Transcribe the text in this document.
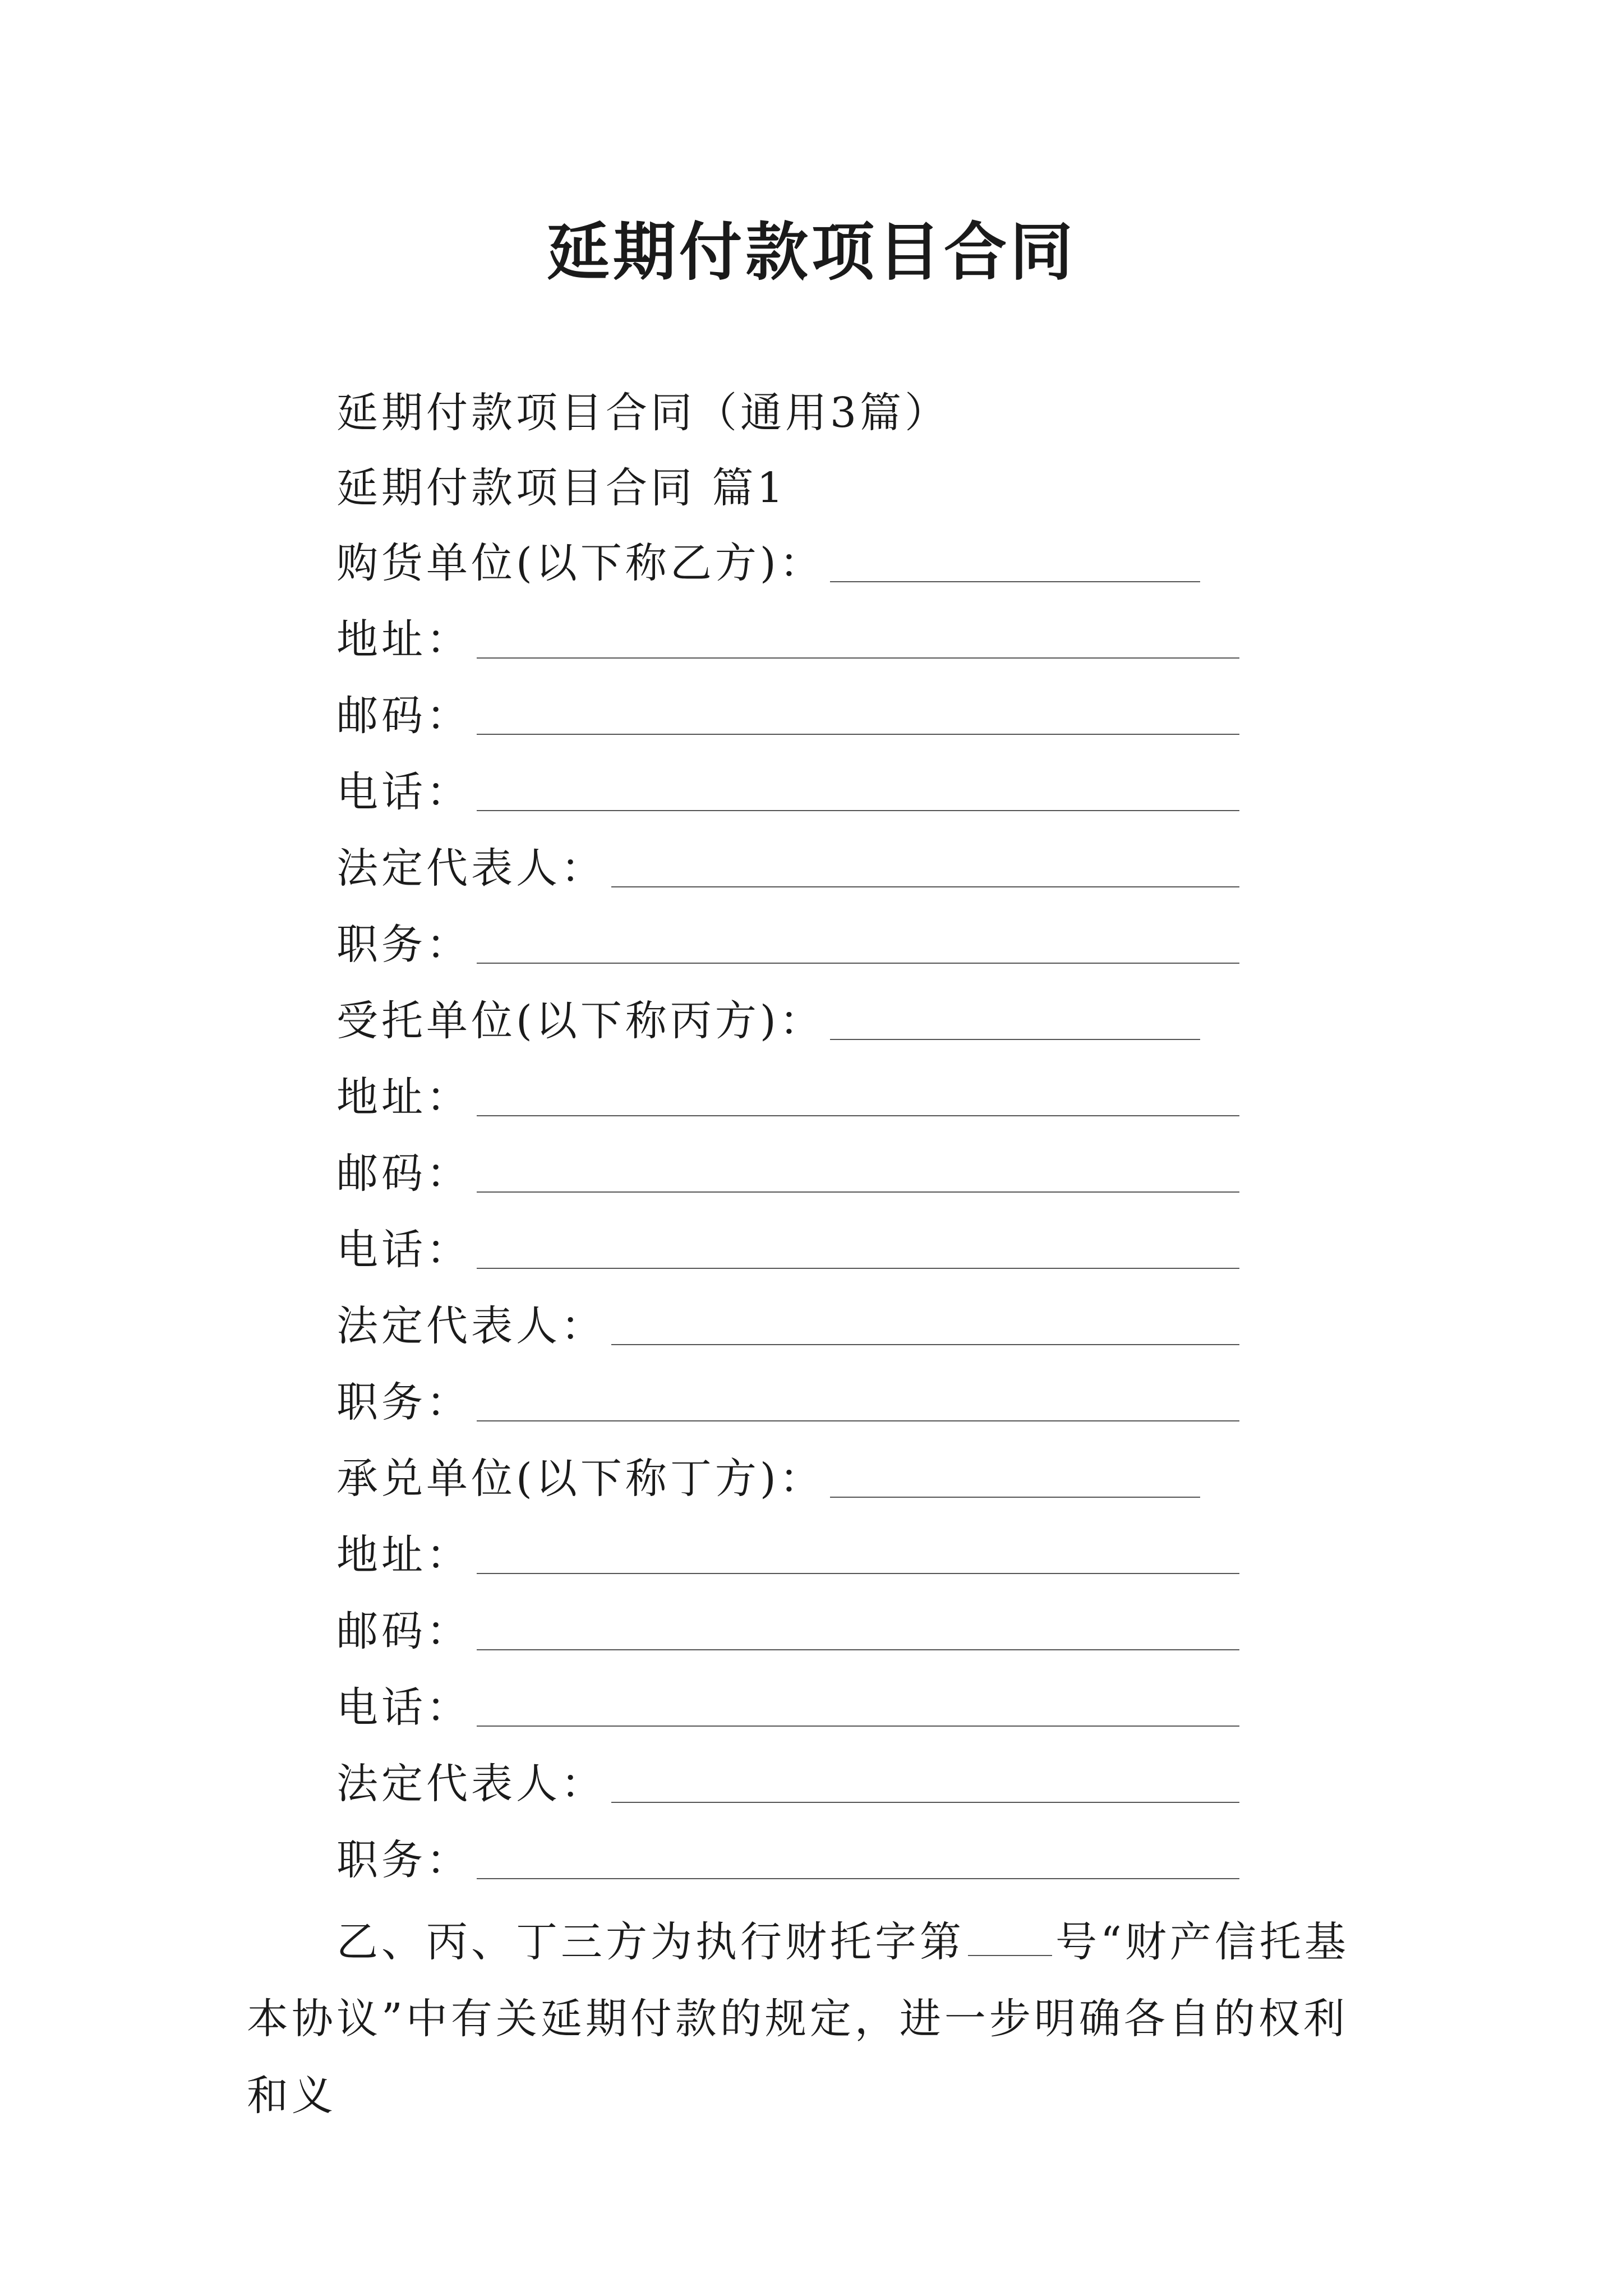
延期付款项目合同
延期付款项目合同（通用3篇）
延期付款项目合同 篇1
购货单位(以下称乙方)：
地址：
邮码：
电话：
法定代表人：
职务：
受托单位(以下称丙方)：
地址：
邮码：
电话：
法定代表人：
职务：
承兑单位(以下称丁方)：
地址：
邮码：
电话：
法定代表人：
职务：
乙、丙、丁三方为执行财托字第 号“财产信托基本协议”中有关延期付款的规定，进一步明确各自的权利和义
